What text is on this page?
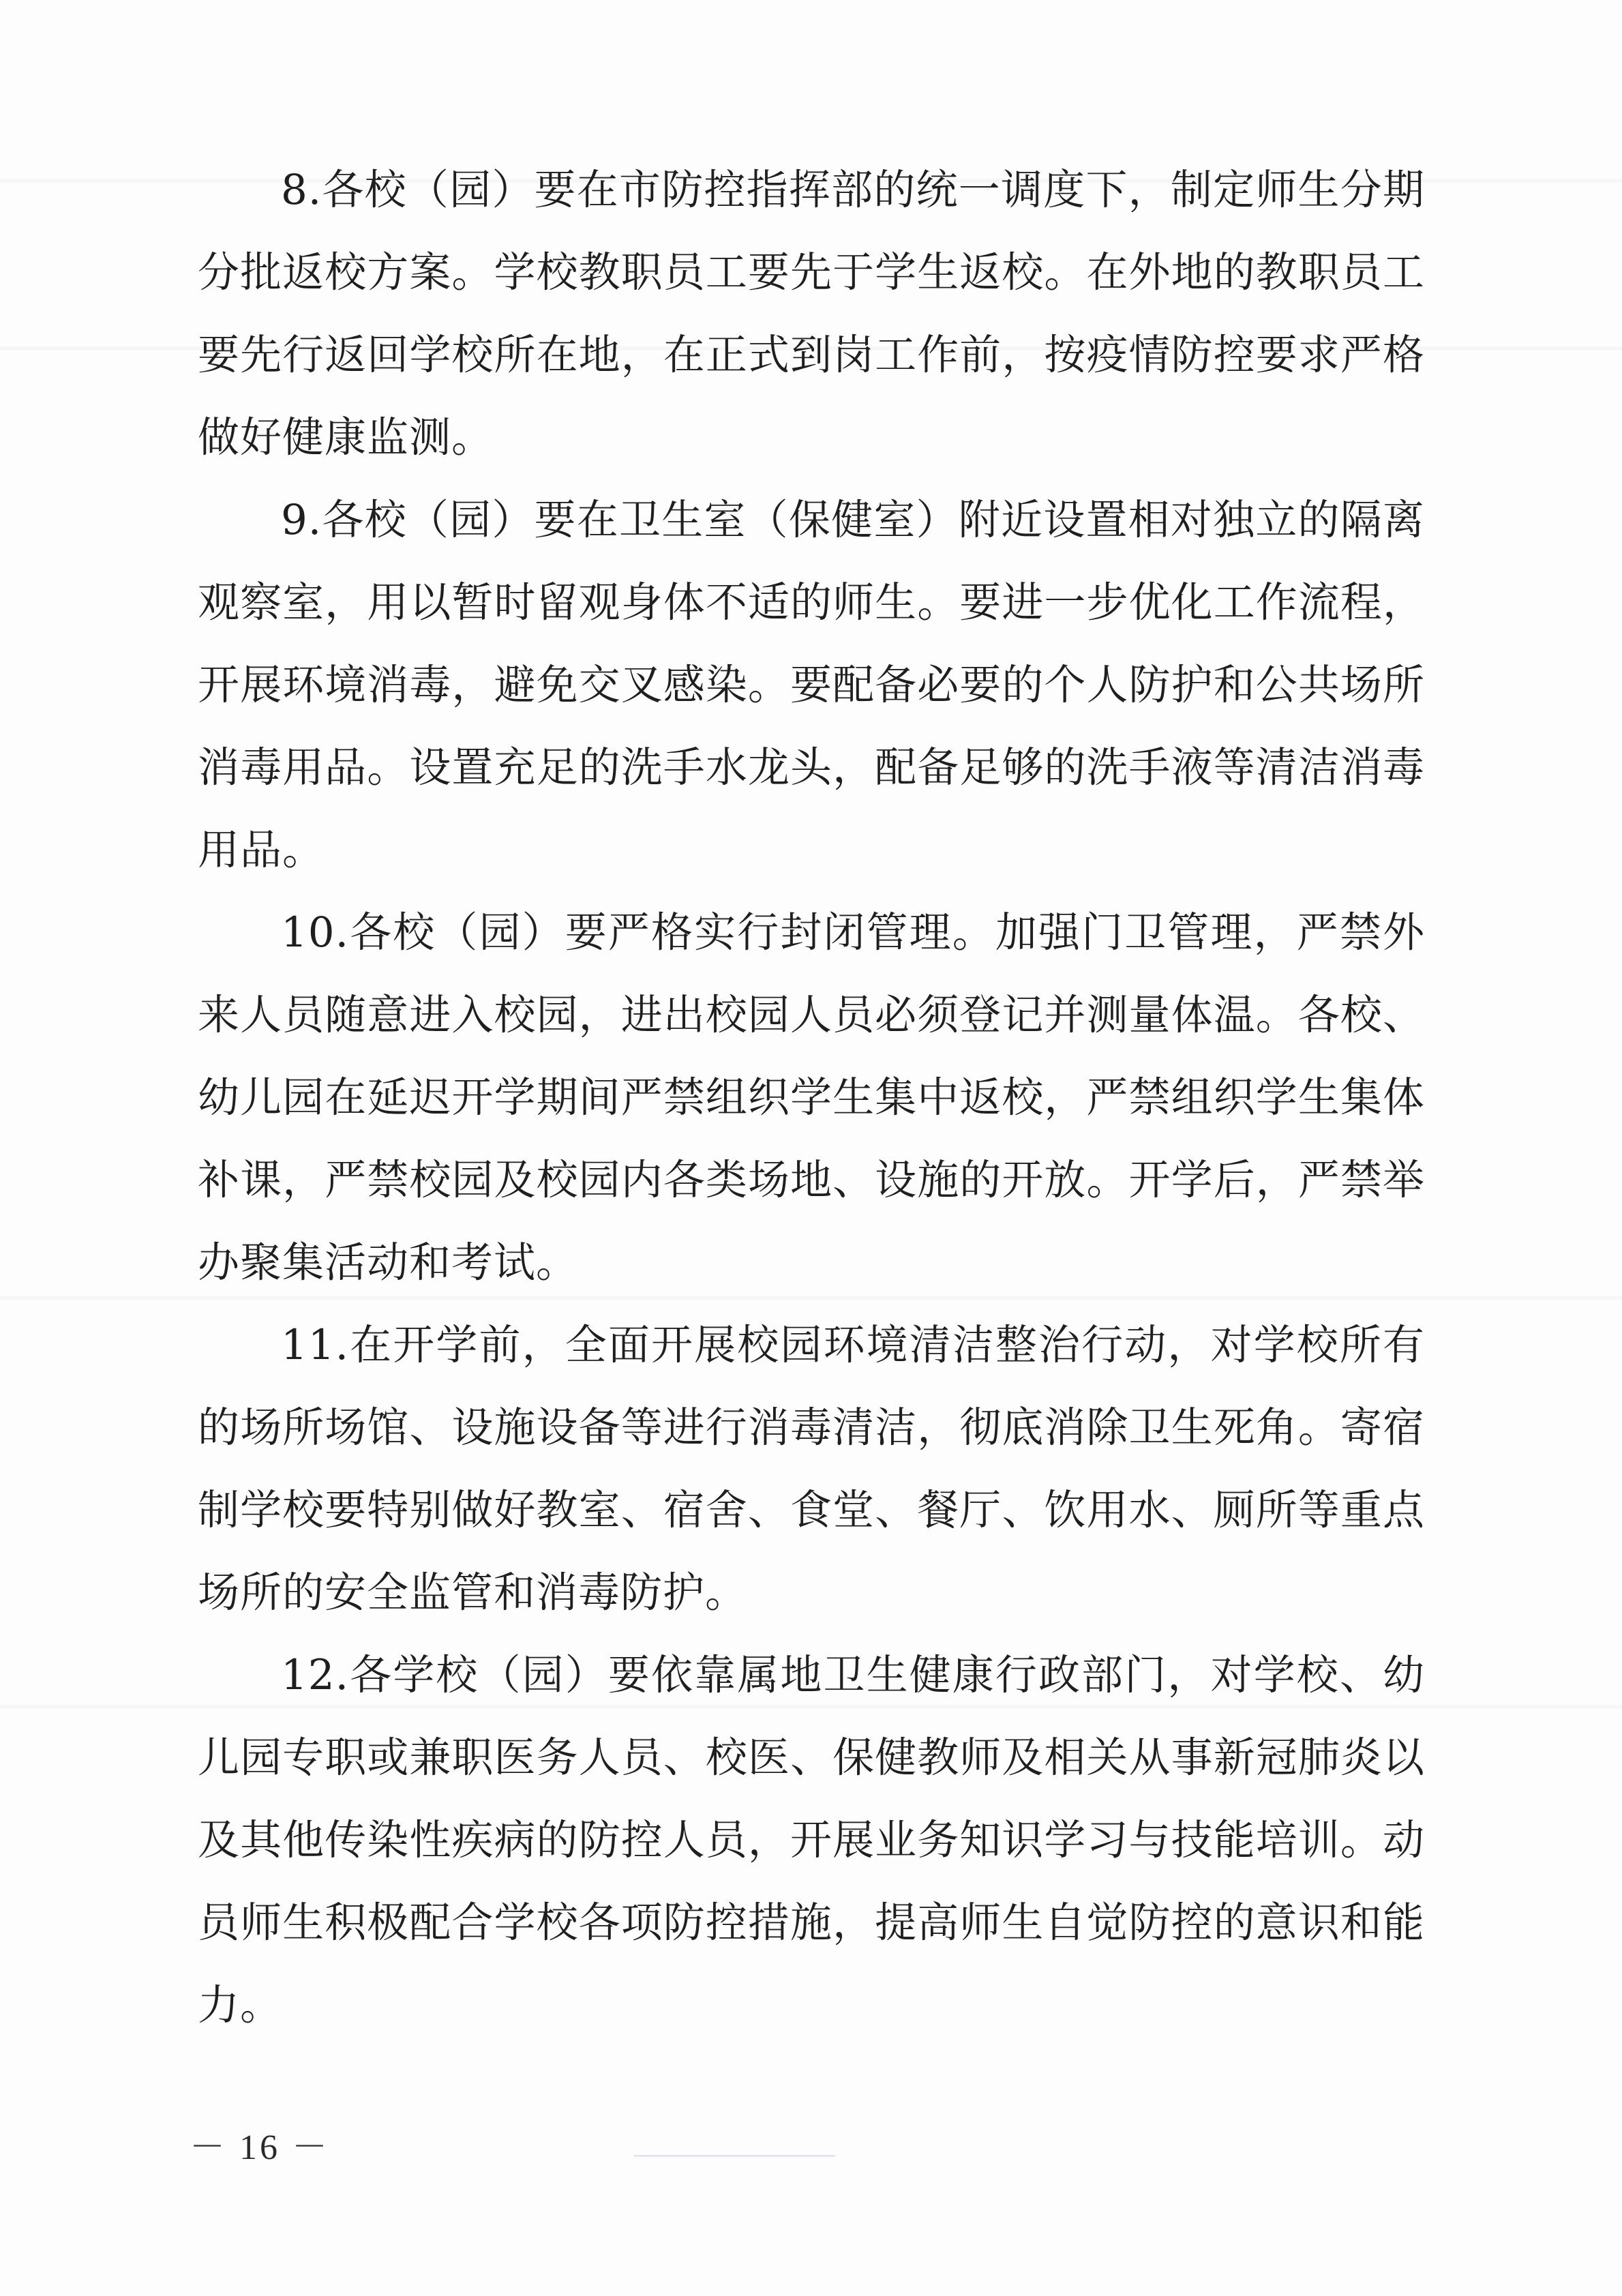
8.各校（园）要在市防控指挥部的统一调度下，制定师生分期分批返校方案。学校教职员工要先于学生返校。在外地的教职员工要先行返回学校所在地，在正式到岗工作前，按疫情防控要求严格做好健康监测。

9.各校（园）要在卫生室（保健室）附近设置相对独立的隔离观察室，用以暂时留观身体不适的师生。要进一步优化工作流程，开展环境消毒，避免交叉感染。要配备必要的个人防护和公共场所消毒用品。设置充足的洗手水龙头，配备足够的洗手液等清洁消毒用品。

10.各校（园）要严格实行封闭管理。加强门卫管理，严禁外来人员随意进入校园，进出校园人员必须登记并测量体温。各校、幼儿园在延迟开学期间严禁组织学生集中返校，严禁组织学生集体补课，严禁校园及校园内各类场地、设施的开放。开学后，严禁举办聚集活动和考试。

11.在开学前，全面开展校园环境清洁整治行动，对学校所有的场所场馆、设施设备等进行消毒清洁，彻底消除卫生死角。寄宿制学校要特别做好教室、宿舍、食堂、餐厅、饮用水、厕所等重点场所的安全监管和消毒防护。

12.各学校（园）要依靠属地卫生健康行政部门，对学校、幼儿园专职或兼职医务人员、校医、保健教师及相关从事新冠肺炎以及其他传染性疾病的防控人员，开展业务知识学习与技能培训。动员师生积极配合学校各项防控措施，提高师生自觉防控的意识和能力。

－ 16 －
